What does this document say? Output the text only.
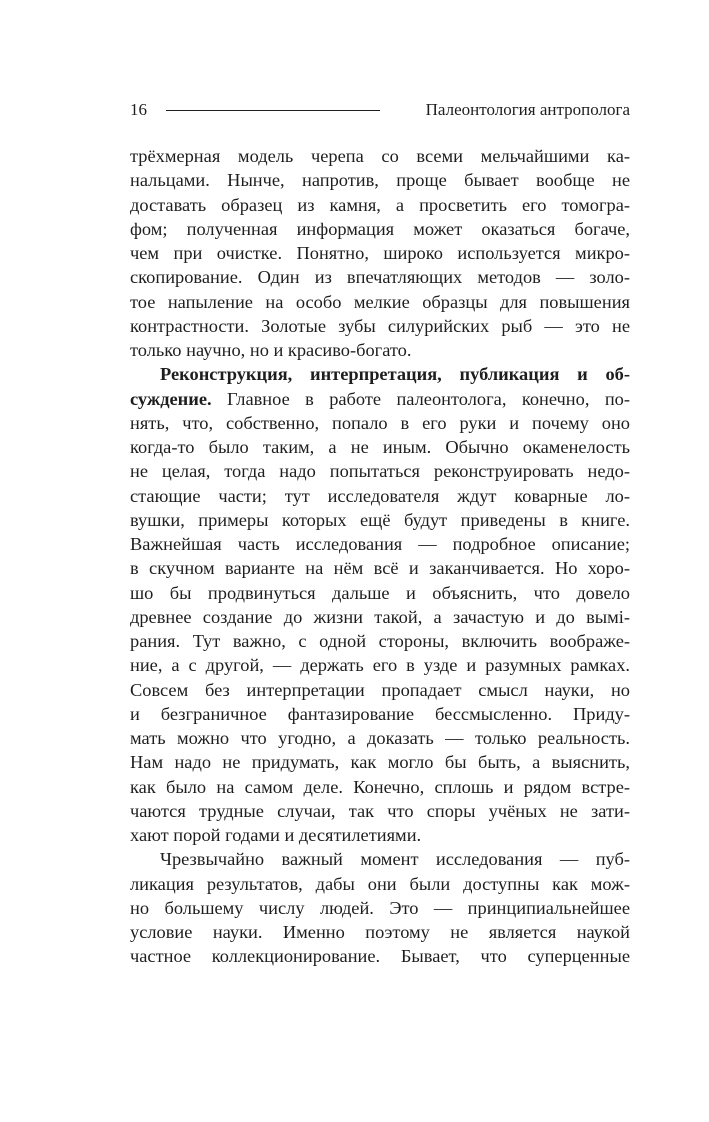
16	Палеонтология антрополога
трёхмерная модель черепа со всеми мельчайшими ка-
нальцами. Нынче, напротив, проще бывает вообще не
доставать образец из камня, а просветить его томогра-
фом; полученная информация может оказаться богаче,
чем при очистке. Понятно, широко используется микро-
скопирование. Один из впечатляющих методов — золо-
тое напыление на особо мелкие образцы для повышения
контрастности. Золотые зубы силурийских рыб — это не
только научно, но и красиво-богато.
Реконструкция, интерпретация, публикация и об-
суждение. Главное в работе палеонтолога, конечно, по-
нять, что, собственно, попало в его руки и почему оно
когда-то было таким, а не иным. Обычно окаменелость
не целая, тогда надо попытаться реконструировать недо-
стающие части; тут исследователя ждут коварные ло-
вушки, примеры которых ещё будут приведены в книге.
Важнейшая часть исследования — подробное описание;
в скучном варианте на нём всё и заканчивается. Но хоро-
шо бы продвинуться дальше и объяснить, что довело
древнее создание до жизни такой, а зачастую и до вымі-
рания. Тут важно, с одной стороны, включить воображе-
ние, а с другой, — держать его в узде и разумных рамках.
Совсем без интерпретации пропадает смысл науки, но
и безграничное фантазирование бессмысленно. Приду-
мать можно что угодно, а доказать — только реальность.
Нам надо не придумать, как могло бы быть, а выяснить,
как было на самом деле. Конечно, сплошь и рядом встре-
чаются трудные случаи, так что споры учёных не зати-
хают порой годами и десятилетиями.
Чрезвычайно важный момент исследования — пуб-
ликация результатов, дабы они были доступны как мож-
но большему числу людей. Это — принципиальнейшее
условие науки. Именно поэтому не является наукой
частное коллекционирование. Бывает, что суперценные
